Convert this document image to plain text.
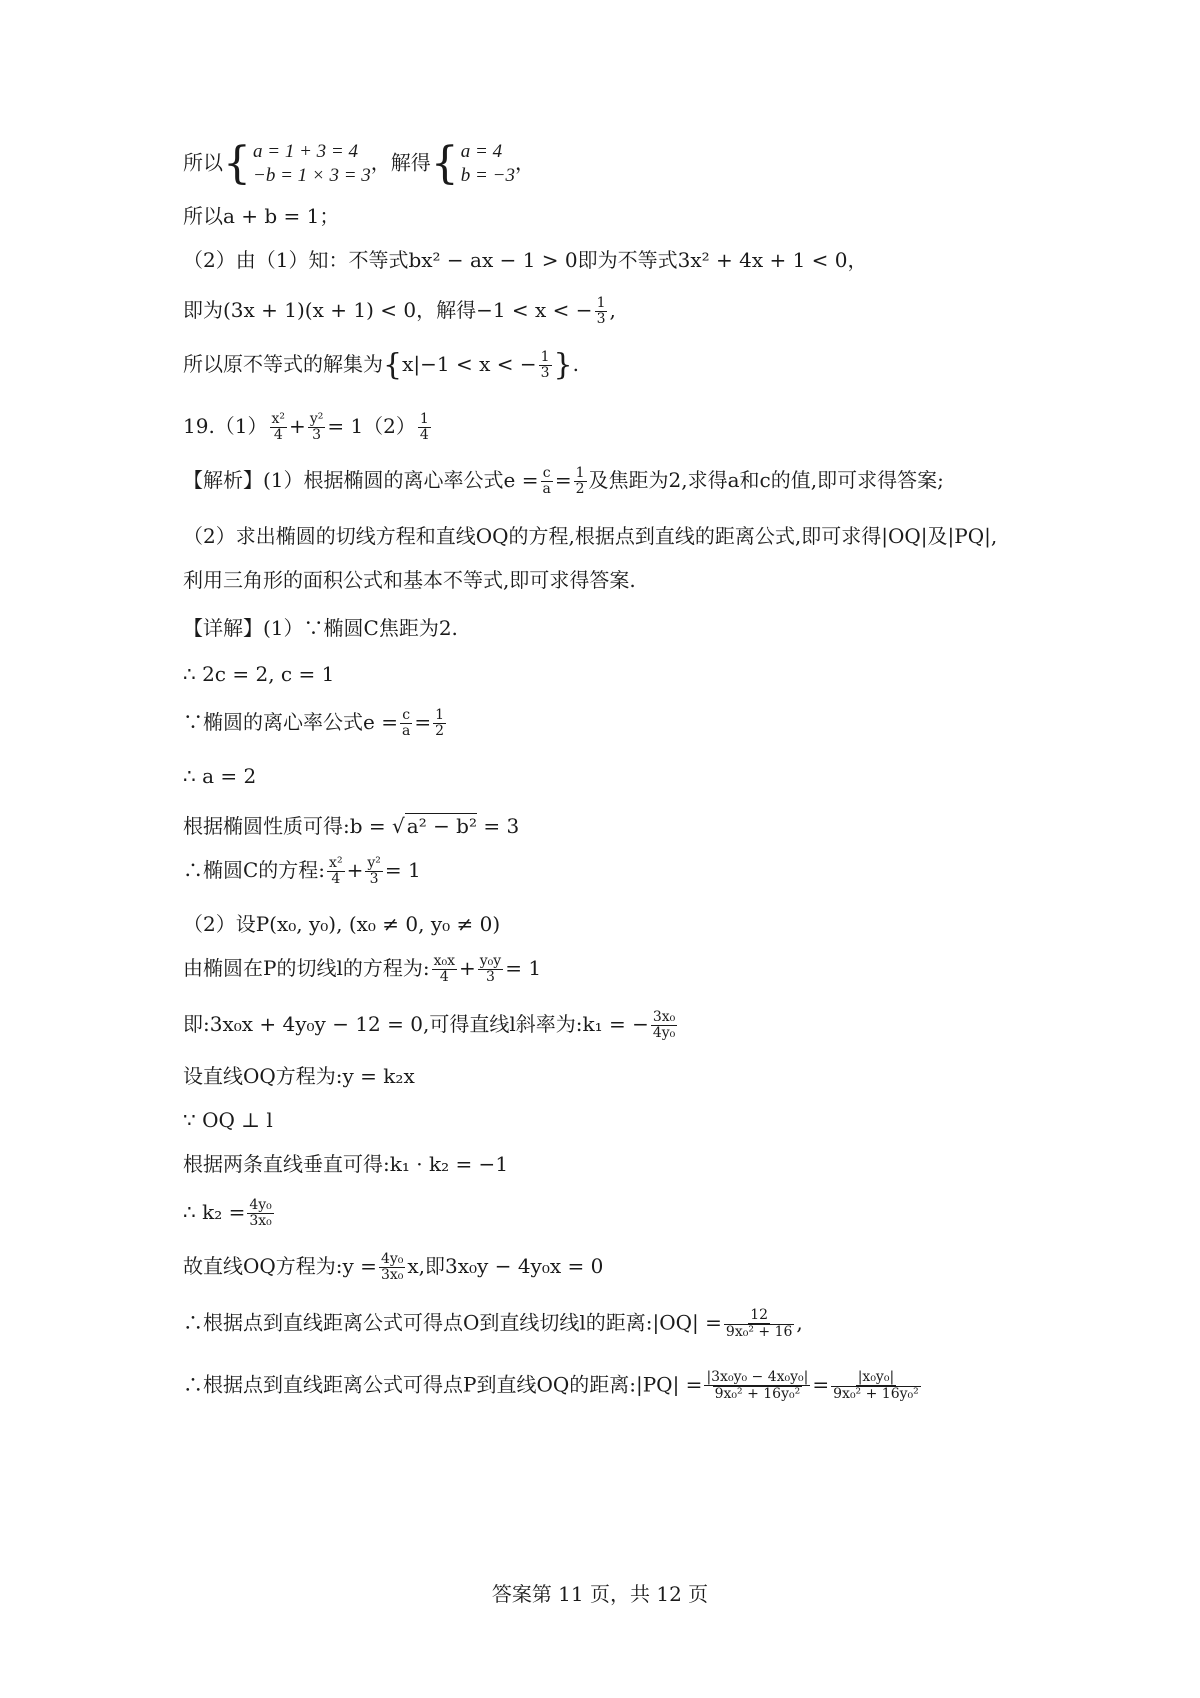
所以 { a = 1 + 3 = 4
−b = 1 × 3 = 3
，解得 { a = 4
b = −3
，
所以a + b = 1；
（2）由（1）知：不等式bx² − ax − 1 > 0即为不等式3x² + 4x + 1 < 0，
即为(3x + 1)(x + 1) < 0，解得−1 < x < − $\frac{1}{3}$ ,
所以原不等式的解集为{x|−1 < x < − $\frac{1}{3}$ }.
$19.(1) \frac{\text{x²}}{4} + \frac{\text{y²}}{3} = 1(2) \frac{1}{4}$
【解析】(1）根据椭圆的离心率公式$e = \frac{c}{a} = \frac{1}{2}$ 及焦距为2,求得a和c的值,即可求得答案;
（2）求出椭圆的切线方程和直线OQ的方程,根据点到直线的距离公式,即可求得|OQ|及|PQ|,
利用三角形的面积公式和基本不等式,即可求得答案.
【详解】(1）∵椭圆C焦距为2.
∴ 2c = 2, c = 1
∵椭圆的离心率公式$e = \frac{c}{a} = \frac{1}{2}$
∴ a = 2
根据椭圆性质可得:b = √ a² − b² = 3
∴椭圆C的方程: $\frac{\text{x²}}{4} + \frac{\text{y²}}{3} = 1$
（2）设P(x₀, y₀), (x₀ ≠ 0, y₀ ≠ 0)
由椭圆在P的切线l的方程为: $\frac{\text{x₀x}}{4} + \frac{\text{y₀y}}{3} = 1$
即:3x₀x + 4y₀y − 12 = 0,可得直线l斜率为:k₁ = − $\frac{\text{3x₀}}{\text{4y₀}}$
设直线OQ方程为:y = k₂x
∵ OQ ⊥ l
根据两条直线垂直可得:k₁ · k₂ = −1
∴ $k_2 = \frac{\text{4y₀}}{\text{3x₀}}$
故直线OQ方程为:y = $\frac{\text{4y₀}}{\text{3x₀}} x$,即3x₀y − 4y₀x = 0
∴根据点到直线距离公式可得点O到直线切线l的距离:|OQ| = $\frac{12}{\text{9x₀² + 16}}$ ,
∴根据点到直线距离公式可得点P到直线OQ的距离:|PQ| = $\frac{\text{|3x₀y₀ − 4x₀y₀|}}{\text{9x₀² + 16y₀²}} = \frac{\text{|x₀y₀|}}{\text{9x₀² + 16y₀²}}$
答案第 11 页，共 12 页
